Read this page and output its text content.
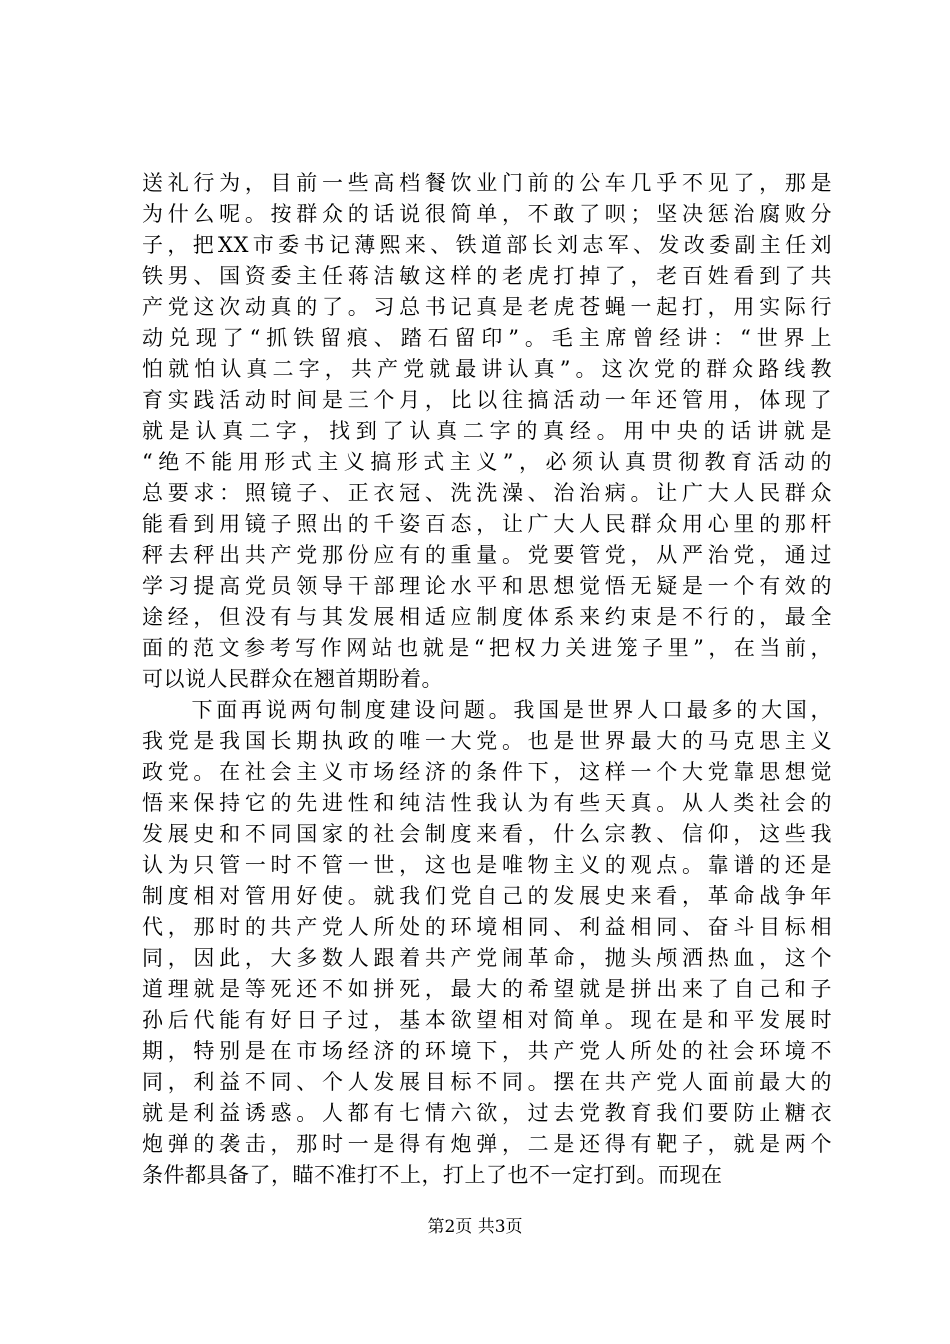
送礼行为，目前一些高档餐饮业门前的公车几乎不见了，那是
为什么呢。按群众的话说很简单，不敢了呗；坚决惩治腐败分
子，把XX市委书记薄熙来、铁道部长刘志军、发改委副主任刘
铁男、国资委主任蒋洁敏这样的老虎打掉了，老百姓看到了共
产党这次动真的了。习总书记真是老虎苍蝇一起打，用实际行
动兑现了“抓铁留痕、踏石留印”。毛主席曾经讲：“世界上
怕就怕认真二字，共产党就最讲认真”。这次党的群众路线教
育实践活动时间是三个月，比以往搞活动一年还管用，体现了
就是认真二字，找到了认真二字的真经。用中央的话讲就是
“绝不能用形式主义搞形式主义”，必须认真贯彻教育活动的
总要求：照镜子、正衣冠、洗洗澡、治治病。让广大人民群众
能看到用镜子照出的千姿百态，让广大人民群众用心里的那杆
秤去秤出共产党那份应有的重量。党要管党，从严治党，通过
学习提高党员领导干部理论水平和思想觉悟无疑是一个有效的
途经，但没有与其发展相适应制度体系来约束是不行的，最全
面的范文参考写作网站也就是“把权力关进笼子里”，在当前，
可以说人民群众在翘首期盼着。
　　下面再说两句制度建设问题。我国是世界人口最多的大国，
我党是我国长期执政的唯一大党。也是世界最大的马克思主义
政党。在社会主义市场经济的条件下，这样一个大党靠思想觉
悟来保持它的先进性和纯洁性我认为有些天真。从人类社会的
发展史和不同国家的社会制度来看，什么宗教、信仰，这些我
认为只管一时不管一世，这也是唯物主义的观点。靠谱的还是
制度相对管用好使。就我们党自己的发展史来看，革命战争年
代，那时的共产党人所处的环境相同、利益相同、奋斗目标相
同，因此，大多数人跟着共产党闹革命，抛头颅洒热血，这个
道理就是等死还不如拼死，最大的希望就是拼出来了自己和子
孙后代能有好日子过，基本欲望相对简单。现在是和平发展时
期，特别是在市场经济的环境下，共产党人所处的社会环境不
同，利益不同、个人发展目标不同。摆在共产党人面前最大的
就是利益诱惑。人都有七情六欲，过去党教育我们要防止糖衣
炮弹的袭击，那时一是得有炮弹，二是还得有靶子，就是两个
条件都具备了，瞄不准打不上，打上了也不一定打到。而现在
第2页 共3页
